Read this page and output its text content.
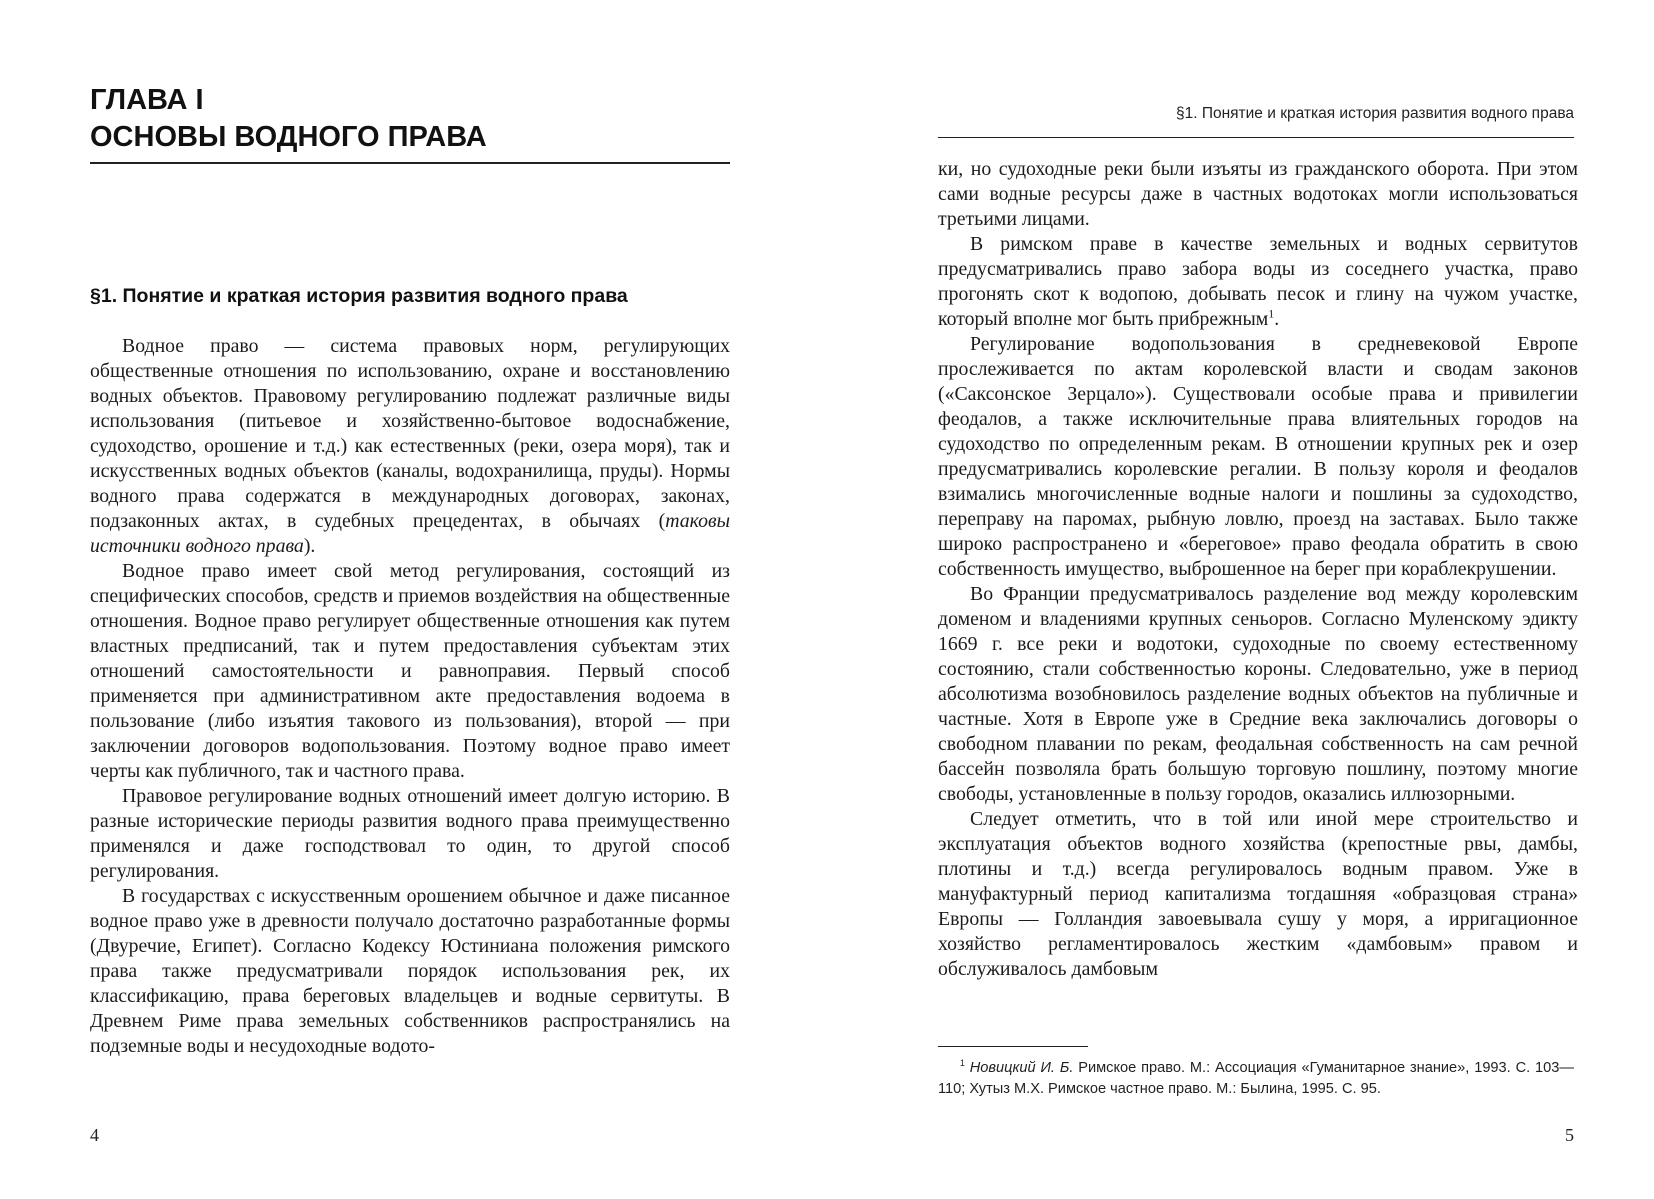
ГЛАВА I
ОСНОВЫ ВОДНОГО ПРАВА
§1. Понятие и краткая история развития водного права

Водное право — система правовых норм, регулирующих общественные отношения по использованию, охране и восстановлению водных объектов. Правовому регулированию подлежат различные виды использования (питьевое и хозяйственно-бытовое водоснабжение, судоходство, орошение и т.д.) как естественных (реки, озера моря), так и искусственных водных объектов (каналы, водохранилища, пруды). Нормы водного права содержатся в международных договорах, законах, подзаконных актах, в судебных прецедентах, в обычаях (таковы источники водного права).

Водное право имеет свой метод регулирования, состоящий из специфических способов, средств и приемов воздействия на общественные отношения. Водное право регулирует общественные отношения как путем властных предписаний, так и путем предоставления субъектам этих отношений самостоятельности и равноправия. Первый способ применяется при административном акте предоставления водоема в пользование (либо изъятия такового из пользования), второй — при заключении договоров водопользования. Поэтому водное право имеет черты как публичного, так и частного права.

Правовое регулирование водных отношений имеет долгую историю. В разные исторические периоды развития водного права преимущественно применялся и даже господствовал то один, то другой способ регулирования.

В государствах с искусственным орошением обычное и даже писанное водное право уже в древности получало достаточно разработанные формы (Двуречие, Египет). Согласно Кодексу Юстиниана положения римского права также предусматривали порядок использования рек, их классификацию, права береговых владельцев и водные сервитуты. В Древнем Риме права земельных собственников распространялись на подземные воды и несудоходные водото-

4
§1. Понятие и краткая история развития водного права

ки, но судоходные реки были изъяты из гражданского оборота. При этом сами водные ресурсы даже в частных водотоках могли использоваться третьими лицами.

В римском праве в качестве земельных и водных сервитутов предусматривались право забора воды из соседнего участка, право прогонять скот к водопою, добывать песок и глину на чужом участке, который вполне мог быть прибрежным$^1$.

Регулирование водопользования в средневековой Европе прослеживается по актам королевской власти и сводам законов («Саксонское Зерцало»). Существовали особые права и привилегии феодалов, а также исключительные права влиятельных городов на судоходство по определенным рекам. В отношении крупных рек и озер предусматривались королевские регалии. В пользу короля и феодалов взимались многочисленные водные налоги и пошлины за судоходство, переправу на паромах, рыбную ловлю, проезд на заставах. Было также широко распространено и «береговое» право феодала обратить в свою собственность имущество, выброшенное на берег при кораблекрушении.

Во Франции предусматривалось разделение вод между королевским доменом и владениями крупных сеньоров. Согласно Муленскому эдикту 1669 г. все реки и водотоки, судоходные по своему естественному состоянию, стали собственностью короны. Следовательно, уже в период абсолютизма возобновилось разделение водных объектов на публичные и частные. Хотя в Европе уже в Средние века заключались договоры о свободном плавании по рекам, феодальная собственность на сам речной бассейн позволяла брать большую торговую пошлину, поэтому многие свободы, установленные в пользу городов, оказались иллюзорными.

Следует отметить, что в той или иной мере строительство и эксплуатация объектов водного хозяйства (крепостные рвы, дамбы, плотины и т.д.) всегда регулировалось водным правом. Уже в мануфактурный период капитализма тогдашняя «образцовая страна» Европы — Голландия завоевывала сушу у моря, а ирригационное хозяйство регламентировалось жестким «дамбовым» правом и обслуживалось дамбовым

$^1$ Новицкий И. Б. Римское право. М.: Ассоциация «Гуманитарное знание», 1993. С. 103—110; Хутыз М.Х. Римское частное право. М.: Былина, 1995. С. 95.
5
